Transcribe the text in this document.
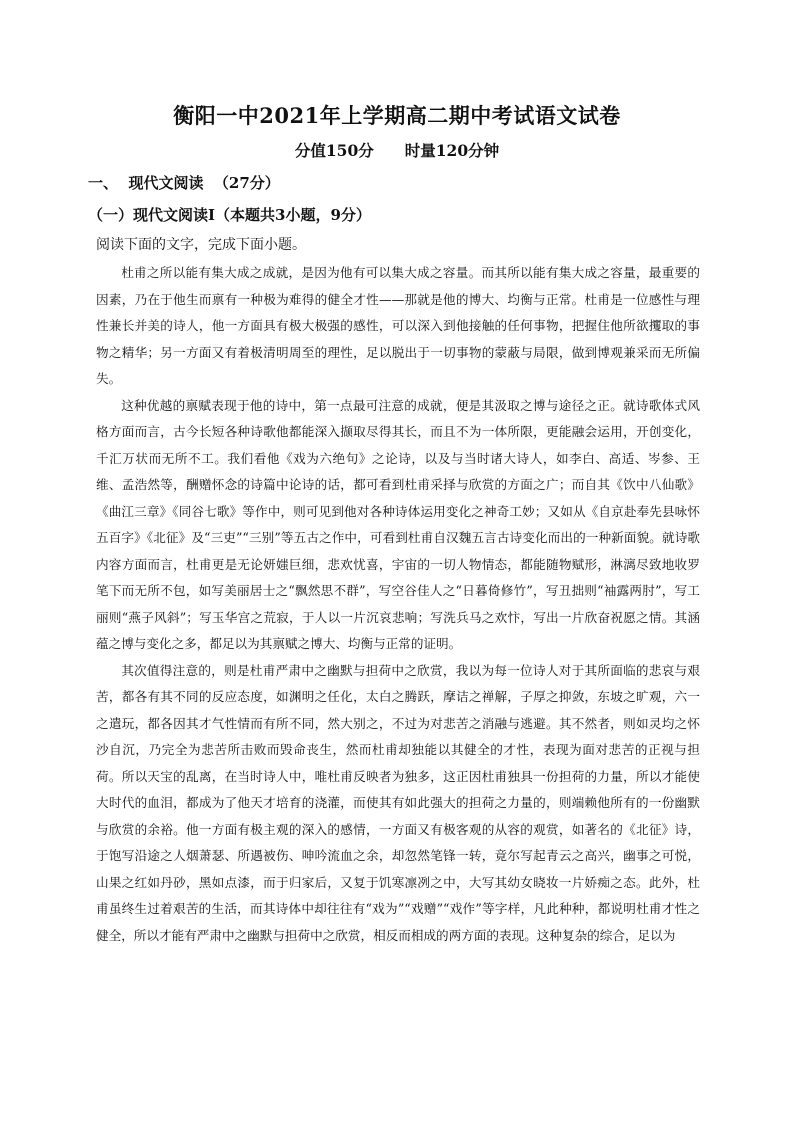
衡阳一中2021年上学期高二期中考试语文试卷
分值150分　　时量120分钟
一、  现代文阅读  （27分）
（一）现代文阅读Ⅰ（本题共3小题，9分）
阅读下面的文字，完成下面小题。

杜甫之所以能有集大成之成就，是因为他有可以集大成之容量。而其所以能有集大成之容量，最重要的因素，乃在于他生而禀有一种极为难得的健全才性——那就是他的博大、均衡与正常。杜甫是一位感性与理性兼长并美的诗人，他一方面具有极大极强的感性，可以深入到他接触的任何事物，把握住他所欲攫取的事物之精华；另一方面又有着极清明周至的理性，足以脱出于一切事物的蒙蔽与局限，做到博观兼采而无所偏失。

这种优越的禀赋表现于他的诗中，第一点最可注意的成就，便是其汲取之博与途径之正。就诗歌体式风格方面而言，古今长短各种诗歌他都能深入撷取尽得其长，而且不为一体所限，更能融会运用，开创变化，千汇万状而无所不工。我们看他《戏为六绝句》之论诗，以及与当时诸大诗人，如李白、高适、岑参、王维、孟浩然等，酬赠怀念的诗篇中论诗的话，都可看到杜甫采择与欣赏的方面之广；而自其《饮中八仙歌》《曲江三章》《同谷七歌》等作中，则可见到他对各种诗体运用变化之神奇工妙；又如从《自京赴奉先县咏怀五百字》《北征》及“三吏”“三别”等五古之作中，可看到杜甫自汉魏五言古诗变化而出的一种新面貌。就诗歌内容方面而言，杜甫更是无论妍媸巨细，悲欢忧喜，宇宙的一切人物情态，都能随物赋形，淋漓尽致地收罗笔下而无所不包，如写美丽居士之“飘然思不群”，写空谷佳人之“日暮倚修竹”，写丑拙则“袖露两肘”，写工丽则“燕子风斜”；写玉华宫之荒寂，于人以一片沉哀悲响；写洗兵马之欢忭，写出一片欣奋祝愿之情。其涵蕴之博与变化之多，都足以为其禀赋之博大、均衡与正常的证明。

其次值得注意的，则是杜甫严肃中之幽默与担荷中之欣赏，我以为每一位诗人对于其所面临的悲哀与艰苦，都各有其不同的反应态度，如渊明之任化，太白之腾跃，摩诘之禅解，子厚之抑敛，东坡之旷观，六一之遣玩，都各因其才气性情而有所不同，然大别之，不过为对悲苦之消融与逃避。其不然者，则如灵均之怀沙自沉，乃完全为悲苦所击败而毁命丧生，然而杜甫却独能以其健全的才性，表现为面对悲苦的正视与担荷。所以天宝的乱离，在当时诗人中，唯杜甫反映者为独多，这正因杜甫独具一份担荷的力量，所以才能使大时代的血泪，都成为了他天才培育的浇灌，而使其有如此强大的担荷之力量的，则端赖他所有的一份幽默与欣赏的余裕。他一方面有极主观的深入的感情，一方面又有极客观的从容的观赏，如著名的《北征》诗，于饱写沿途之人烟萧瑟、所遇被伤、呻吟流血之余，却忽然笔锋一转，竟尔写起青云之高兴，幽事之可悦，山果之红如丹砂，黑如点漆，而于归家后，又复于饥寒凛冽之中，大写其幼女晓妆一片娇痴之态。此外，杜甫虽终生过着艰苦的生活，而其诗体中却往往有“戏为”“戏赠”“戏作”等字样，凡此种种，都说明杜甫才性之健全，所以才能有严肃中之幽默与担荷中之欣赏，相反而相成的两方面的表现。这种复杂的综合，足以为
